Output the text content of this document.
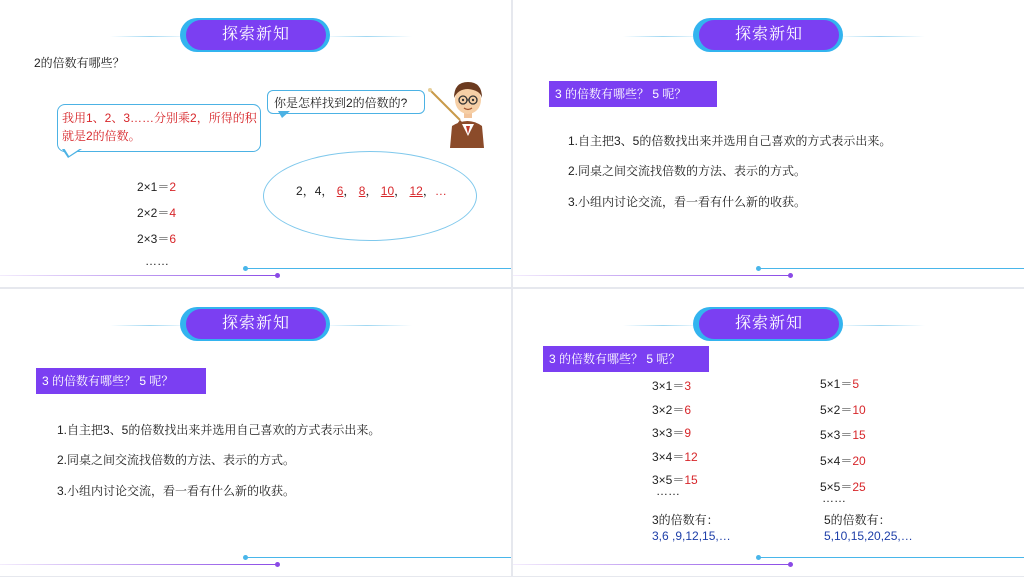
探索新知
2的倍数有哪些？
我用1、2、3……分别乘2，所得的积就是2的倍数。
你是怎样找到2的倍数的?
2×1＝2
2×2＝4
2×3＝6
……
2，4， 6， 8， 10， 12，…
探索新知
3 的倍数有哪些？ 5 呢？
1.自主把3、5的倍数找出来并选用自己喜欢的方式表示出来。
2.同桌之间交流找倍数的方法、表示的方式。
3.小组内讨论交流，看一看有什么新的收获。
探索新知
3 的倍数有哪些？ 5 呢？
1.自主把3、5的倍数找出来并选用自己喜欢的方式表示出来。
2.同桌之间交流找倍数的方法、表示的方式。
3.小组内讨论交流，看一看有什么新的收获。
探索新知
3 的倍数有哪些？ 5 呢？
3×1＝3
3×2＝6
3×3＝9
3×4＝12
3×5＝15
……
5×1＝5
5×2＝10
5×3＝15
5×4＝20
5×5＝25
……
3的倍数有：
3,6 ,9,12,15,…
5的倍数有：
5,10,15,20,25,…
